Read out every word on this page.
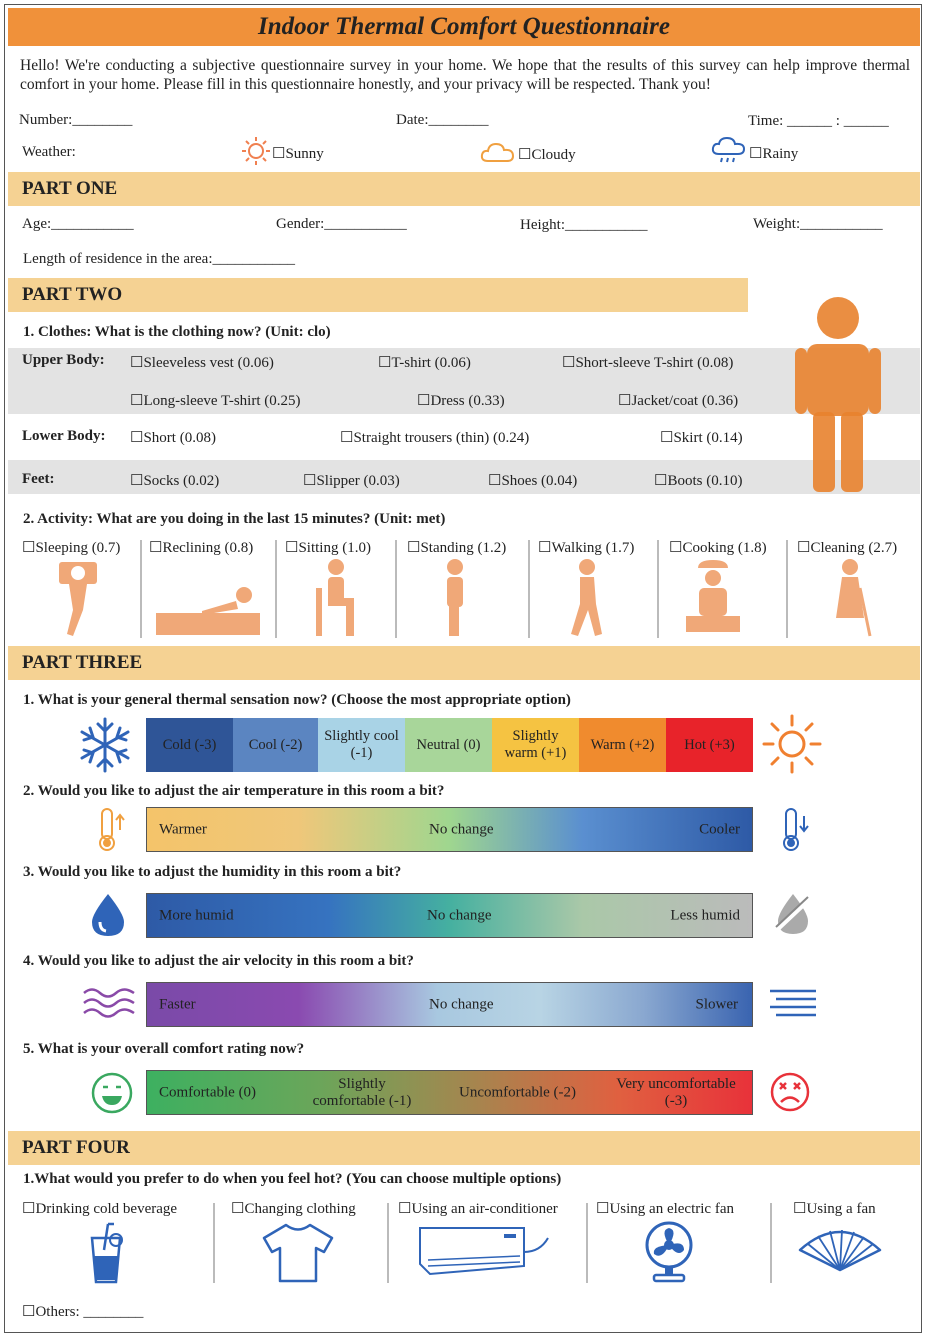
Indoor Thermal Comfort Questionnaire
Hello! We're conducting a subjective questionnaire survey in your home. We hope that the results of this survey can help improve thermal comfort in your home. Please fill in this questionnaire honestly, and your privacy will be respected. Thank you!
Number:________	Date:________	Time: ______ : ______
Weather:	☐Sunny	☐Cloudy	☐Rainy
PART ONE
Age:___________	Gender:___________	Height:___________	Weight:___________
Length of residence in the area:___________
PART TWO
1. Clothes: What is the clothing now? (Unit: clo)
Upper Body: ☐Sleeveless vest (0.06)	☐T-shirt (0.06)	☐Short-sleeve T-shirt (0.08)
☐Long-sleeve T-shirt (0.25)	☐Dress (0.33)	☐Jacket/coat (0.36)
Lower Body: ☐Short (0.08)	☐Straight trousers (thin) (0.24)	☐Skirt (0.14)
Feet:	☐Socks (0.02)	☐Slipper (0.03)	☐Shoes (0.04)	☐Boots (0.10)
2. Activity: What are you doing in the last 15 minutes? (Unit: met)
☐Sleeping (0.7) ☐Reclining (0.8) ☐Sitting (1.0) ☐Standing (1.2) ☐Walking (1.7) ☐Cooking (1.8) ☐Cleaning (2.7)
PART THREE
1. What is your general thermal sensation now? (Choose the most appropriate option)
Cold (-3)	Cool (-2)
Slightly cool (-1)
Neutral (0)
Slightly warm (+1)
Warm (+2)	Hot (+3)
2. Would you like to adjust the air temperature in this room a bit?
Warmer	No change	Cooler
3. Would you like to adjust the humidity in this room a bit?
More humid	No change	Less humid
4. Would you like to adjust the air velocity in this room a bit?
Faster	No change	Slower
5. What is your overall comfort rating now?
Comfortable (0)
Slightly comfortable (-1)
Uncomfortable (-2)
Very uncomfortable (-3)
PART FOUR
1.What would you prefer to do when you feel hot? (You can choose multiple options)
☐Drinking cold beverage	☐Changing clothing	☐Using an air-conditioner	☐Using an electric fan	☐Using a fan
☐Others: ________
